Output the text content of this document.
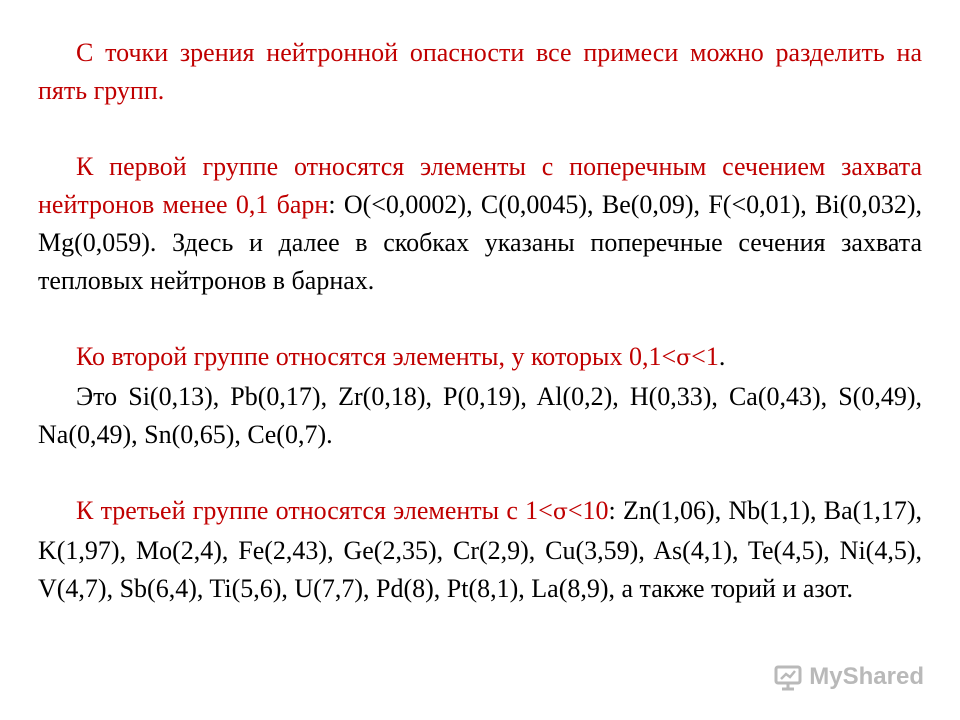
С точки зрения нейтронной опасности все примеси можно разделить на пять групп.

К первой группе относятся элементы с поперечным сечением захвата нейтронов менее 0,1 барн: O(<0,0002), C(0,0045), Be(0,09), F(<0,01), Bi(0,032), Mg(0,059). Здесь и далее в скобках указаны поперечные сечения захвата тепловых нейтронов в барнах.

Ко второй группе относятся элементы, у которых 0,1<σ<1.

Это Si(0,13), Pb(0,17), Zr(0,18), P(0,19), Al(0,2), H(0,33), Ca(0,43), S(0,49), Na(0,49), Sn(0,65), Ce(0,7).

К третьей группе относятся элементы с 1<σ<10: Zn(1,06), Nb(1,1), Ba(1,17), K(1,97), Mo(2,4), Fe(2,43), Ge(2,35), Cr(2,9), Cu(3,59), As(4,1), Te(4,5), Ni(4,5), V(4,7), Sb(6,4), Ti(5,6), U(7,7), Pd(8), Pt(8,1), La(8,9), а также торий и азот.

MyShared
